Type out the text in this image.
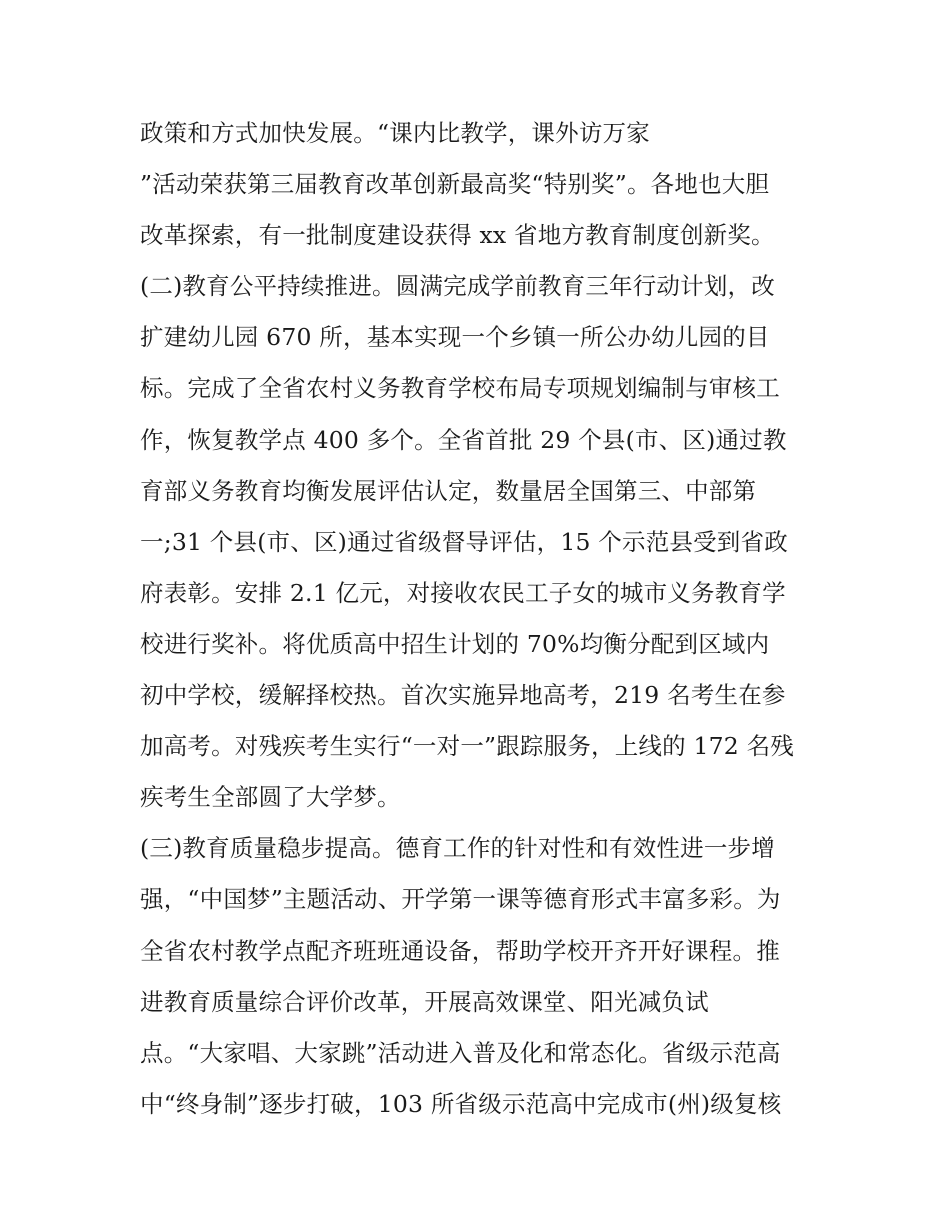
政策和方式加快发展。“课内比教学，课外访万家
”活动荣获第三届教育改革创新最高奖“特别奖”。各地也大胆
改革探索，有一批制度建设获得 xx 省地方教育制度创新奖。
(二)教育公平持续推进。圆满完成学前教育三年行动计划，改
扩建幼儿园 670 所，基本实现一个乡镇一所公办幼儿园的目
标。完成了全省农村义务教育学校布局专项规划编制与审核工
作，恢复教学点 400 多个。全省首批 29 个县(市、区)通过教
育部义务教育均衡发展评估认定，数量居全国第三、中部第
一;31 个县(市、区)通过省级督导评估，15 个示范县受到省政
府表彰。安排 2.1 亿元，对接收农民工子女的城市义务教育学
校进行奖补。将优质高中招生计划的 70%均衡分配到区域内
初中学校，缓解择校热。首次实施异地高考，219 名考生在参
加高考。对残疾考生实行“一对一”跟踪服务，上线的 172 名残
疾考生全部圆了大学梦。
(三)教育质量稳步提高。德育工作的针对性和有效性进一步增
强，“中国梦”主题活动、开学第一课等德育形式丰富多彩。为
全省农村教学点配齐班班通设备，帮助学校开齐开好课程。推
进教育质量综合评价改革，开展高效课堂、阳光减负试
点。“大家唱、大家跳”活动进入普及化和常态化。省级示范高
中“终身制”逐步打破，103 所省级示范高中完成市(州)级复核
